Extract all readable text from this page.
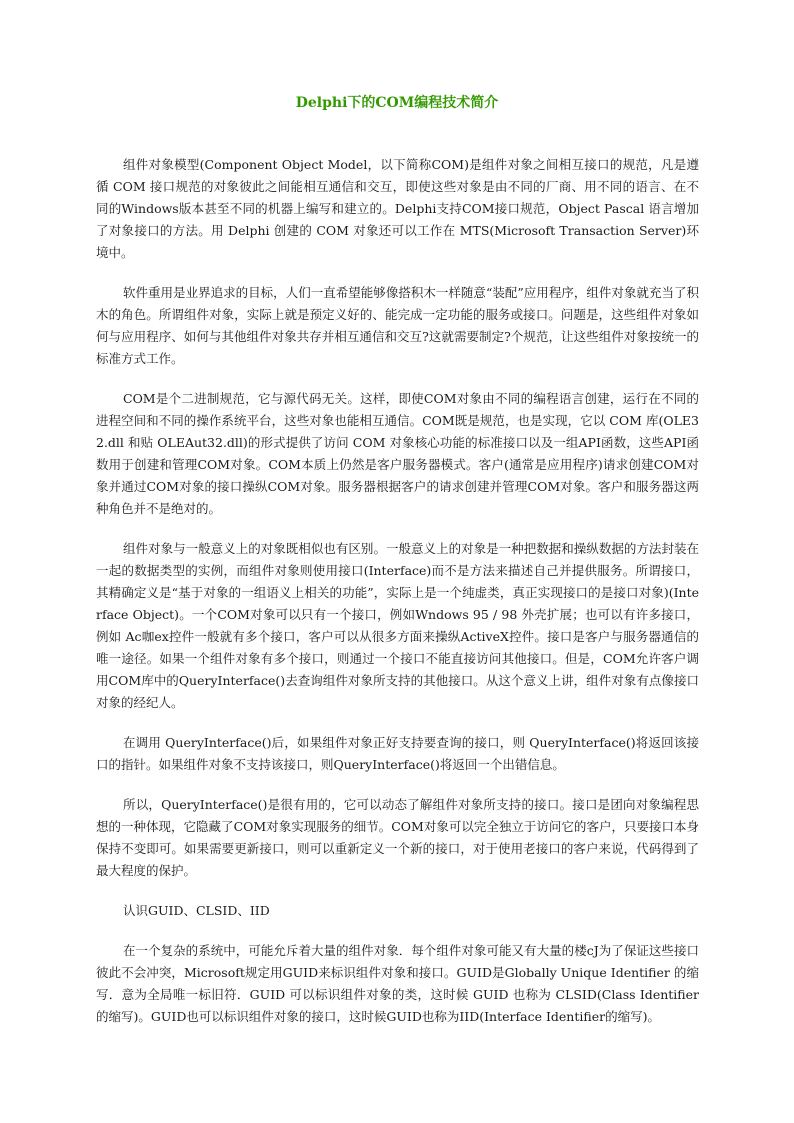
Delphi下的COM编程技术简介

组件对象模型(Component Object Model，以下简称COM)是组件对象之间相互接口的规范，凡是遵循 COM 接口规范的对象彼此之间能相互通信和交互，即使这些对象是由不同的厂商、用不同的语言、在不同的Windows版本甚至不同的机器上编写和建立的。Delphi支持COM接口规范，Object Pascal 语言增加了对象接口的方法。用 Delphi 创建的 COM 对象还可以工作在 MTS(Microsoft Transaction Server)环境中。

软件重用是业界追求的目标，人们一直希望能够像搭积木一样随意“装配”应用程序，组件对象就充当了积木的角色。所谓组件对象，实际上就是预定义好的、能完成一定功能的服务或接口。问题是，这些组件对象如何与应用程序、如何与其他组件对象共存并相互通信和交互?这就需要制定?个规范，让这些组件对象按统一的标准方式工作。

COM是个二进制规范，它与源代码无关。这样，即使COM对象由不同的编程语言创建，运行在不同的进程空间和不同的操作系统平台，这些对象也能相互通信。COM既是规范，也是实现，它以 COM 库(OLE32.dll 和贴 OLEAut32.dll)的形式提供了访问 COM 对象核心功能的标准接口以及一组API函数，这些API函数用于创建和管理COM对象。COM本质上仍然是客户服务器模式。客户(通常是应用程序)请求创建COM对象并通过COM对象的接口操纵COM对象。服务器根据客户的请求创建并管理COM对象。客户和服务器这两种角色并不是绝对的。

组件对象与一般意义上的对象既相似也有区别。一般意义上的对象是一种把数据和操纵数据的方法封装在一起的数据类型的实例，而组件对象则使用接口(Interface)而不是方法来描述自己并提供服务。所谓接口，其精确定义是“基于对象的一组语义上相关的功能”，实际上是一个纯虚类，真正实现接口的是接口对象)(Interface Object)。一个COM对象可以只有一个接口，例如Wndows 95 / 98 外壳扩展；也可以有许多接口，例如 Ac咖ex控件一般就有多个接口，客户可以从很多方面来操纵ActiveX控件。接口是客户与服务器通信的唯一途径。如果一个组件对象有多个接口，则通过一个接口不能直接访问其他接口。但是，COM允许客户调用COM库中的QueryInterface()去查询组件对象所支持的其他接口。从这个意义上讲，组件对象有点像接口对象的经纪人。

在调用 QueryInterface()后，如果组件对象正好支持要查询的接口，则 QueryInterface()将返回该接口的指针。如果组件对象不支持该接口，则QueryInterface()将返回一个出错信息。

所以，QueryInterface()是很有用的，它可以动态了解组件对象所支持的接口。接口是团向对象编程思想的一种体现，它隐藏了COM对象实现服务的细节。COM对象可以完全独立于访问它的客户，只要接口本身保持不变即可。如果需要更新接口，则可以重新定义一个新的接口，对于使用老接口的客户来说，代码得到了最大程度的保护。

认识GUID、CLSID、IID

在一个复杂的系统中，可能允斥着大量的组件对象．每个组件对象可能又有大量的楼cJ为了保证这些接口彼此不会冲突，Microsoft规定用GUID来标识组件对象和接口。GUID是Globally Unique Identifier 的缩写．意为全局唯一标旧符．GUID 可以标识组件对象的类，这时候 GUID 也称为 CLSID(Class Identifier的缩写)。GUID也可以标识组件对象的接口，这时候GUID也称为IID(Interface Identifier的缩写)。
